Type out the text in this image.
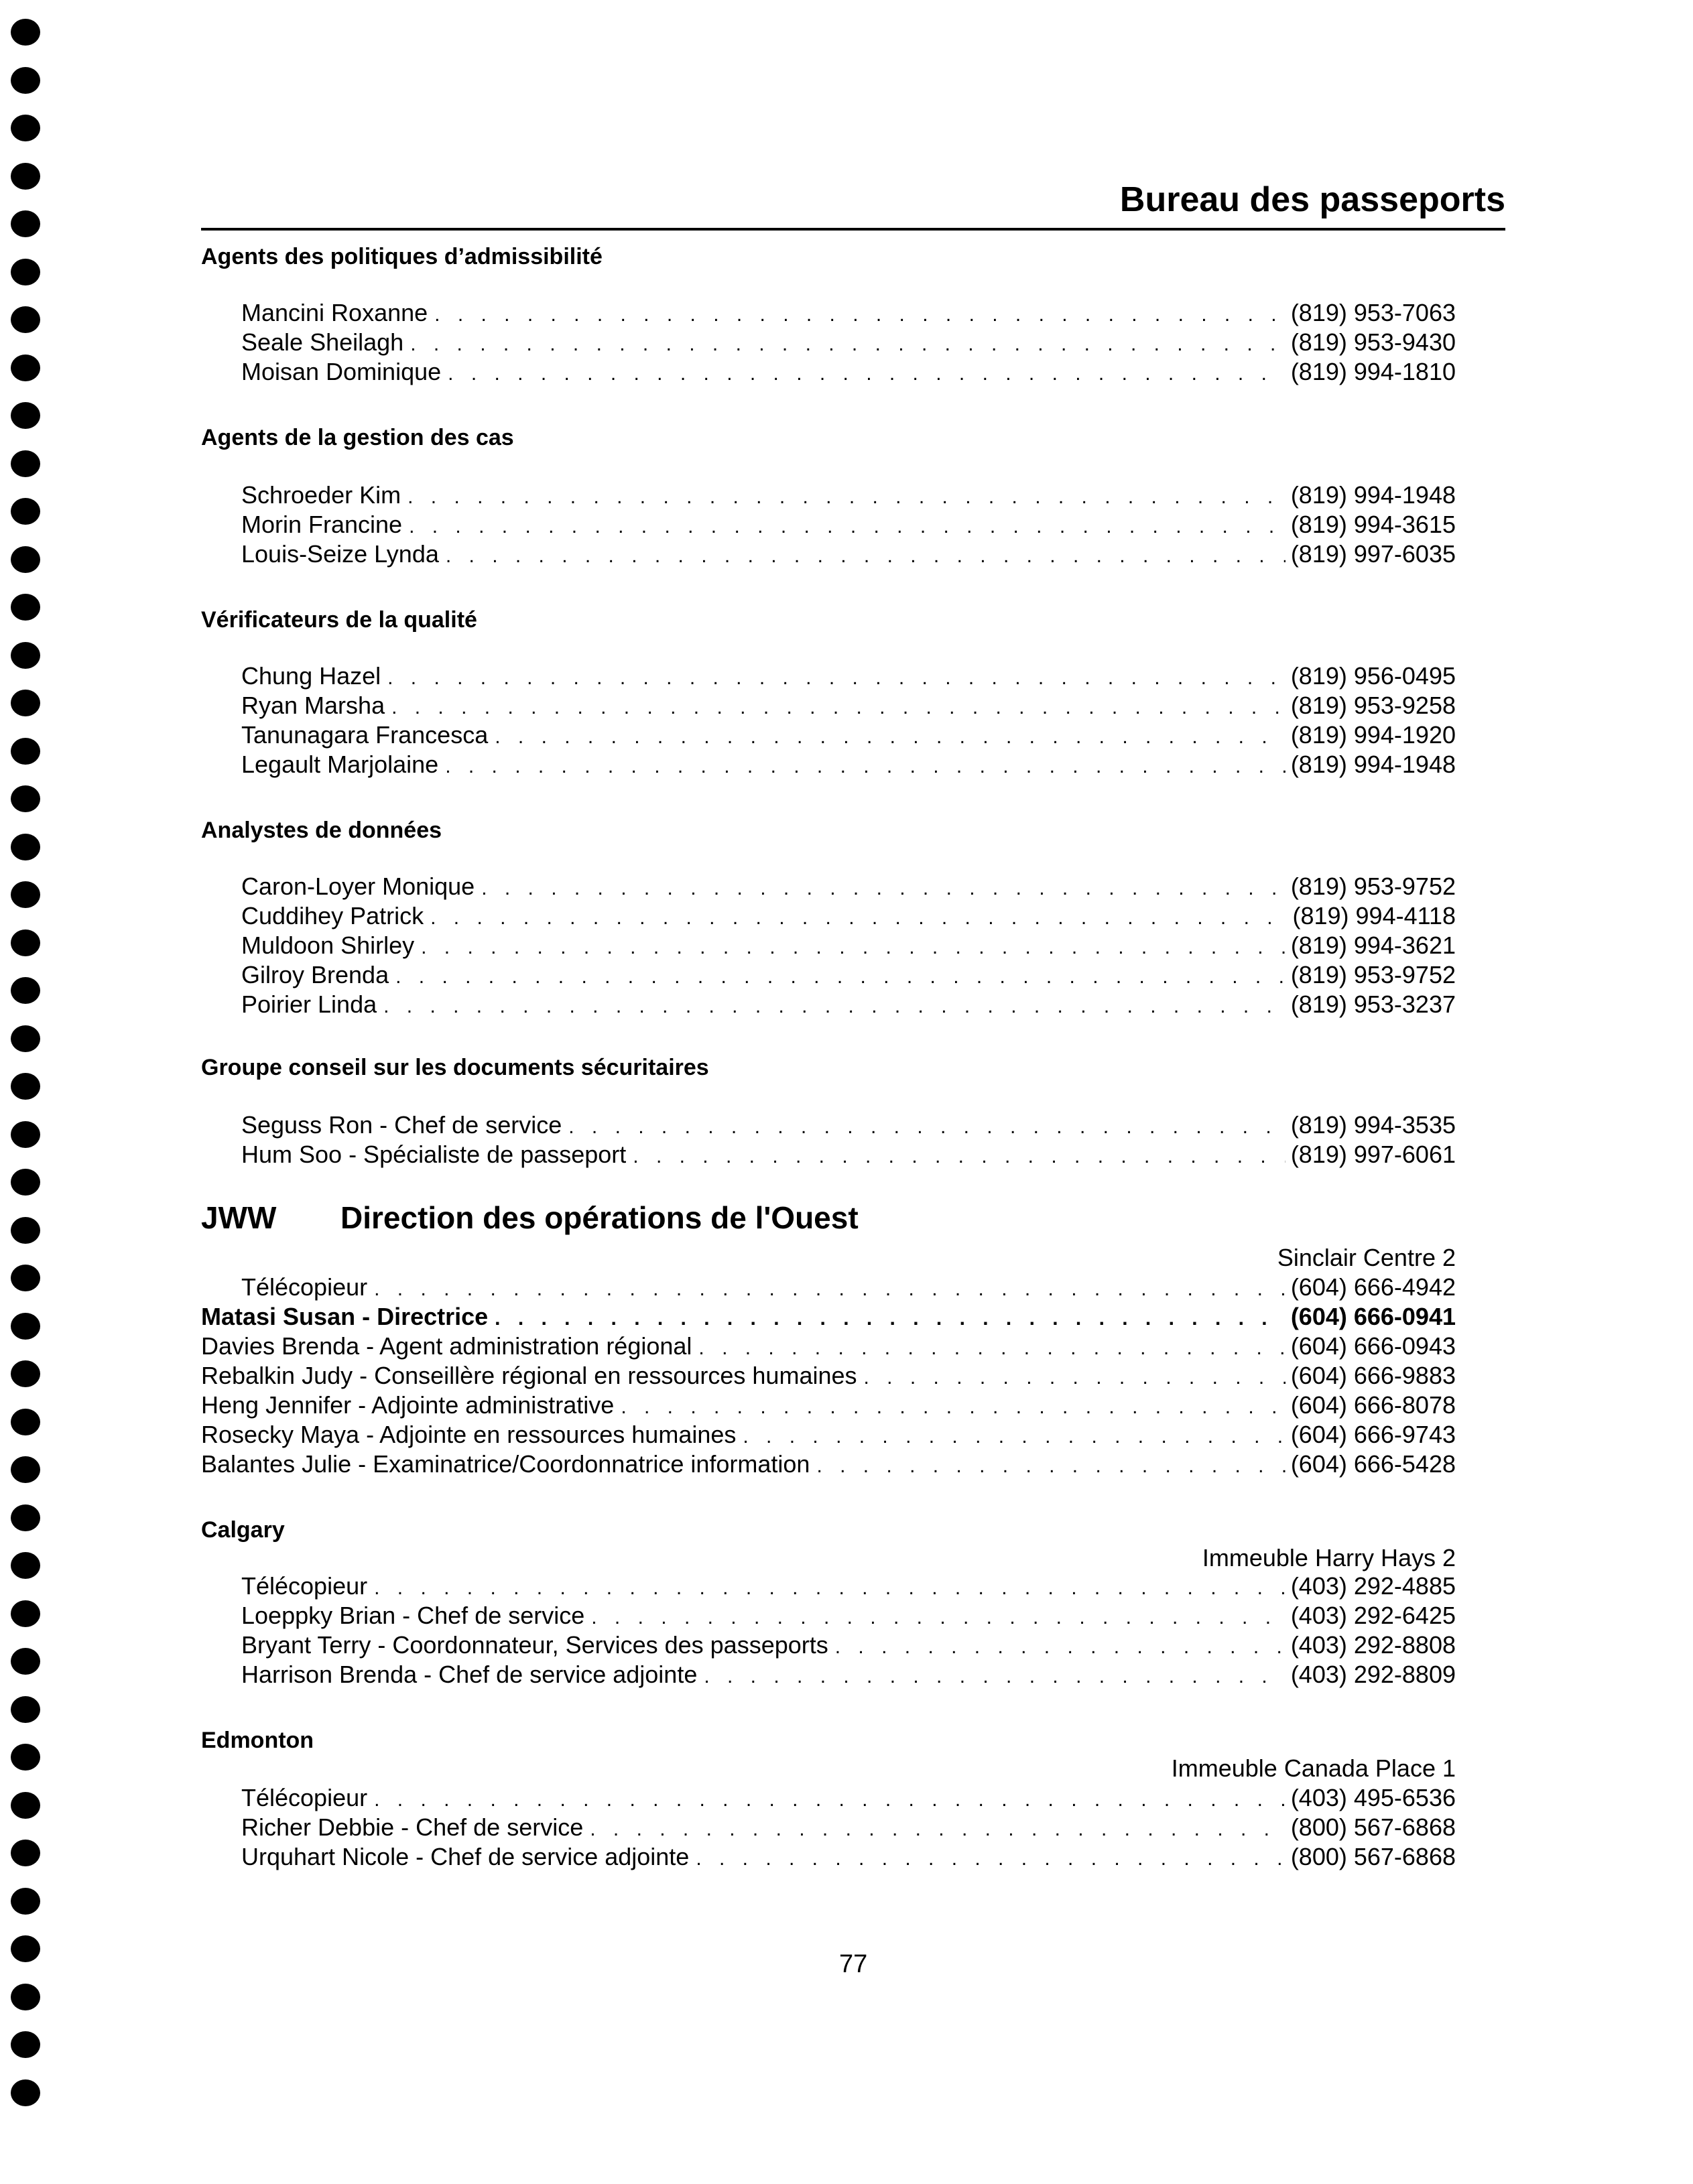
Bureau des passeports
Agents des politiques d’admissibilité
Mancini Roxanne . . .	(819) 953-7063
Seale Sheilagh . . .	(819) 953-9430
Moisan Dominique . . .	(819) 994-1810
Agents de la gestion des cas
Schroeder Kim . . .	(819) 994-1948
Morin Francine . . .	(819) 994-3615
Louis-Seize Lynda . . .	(819) 997-6035
Vérificateurs de la qualité
Chung Hazel . . .	(819) 956-0495
Ryan Marsha . . .	(819) 953-9258
Tanunagara Francesca . . .	(819) 994-1920
Legault Marjolaine . . .	(819) 994-1948
Analystes de données
Caron-Loyer Monique . . .	(819) 953-9752
Cuddihey Patrick . . .	(819) 994-4118
Muldoon Shirley . . .	(819) 994-3621
Gilroy Brenda . . .	(819) 953-9752
Poirier Linda . . .	(819) 953-3237
Groupe conseil sur les documents sécuritaires
Seguss Ron - Chef de service . . .	(819) 994-3535
Hum Soo - Spécialiste de passeport . . .	(819) 997-6061
JWW	Direction des opérations de l'Ouest
Sinclair Centre 2
Télécopieur . . .	(604) 666-4942
Matasi Susan - Directrice . . .	(604) 666-0941
Davies Brenda - Agent administration régional . . .	(604) 666-0943
Rebalkin Judy - Conseillère régional en ressources humaines . . .	(604) 666-9883
Heng Jennifer - Adjointe administrative . . .	(604) 666-8078
Rosecky Maya - Adjointe en ressources humaines . . .	(604) 666-9743
Balantes Julie - Examinatrice/Coordonnatrice information . . .	(604) 666-5428
Calgary
Immeuble Harry Hays 2
Télécopieur . . .	(403) 292-4885
Loeppky Brian - Chef de service . . .	(403) 292-6425
Bryant Terry - Coordonnateur, Services des passeports . . .	(403) 292-8808
Harrison Brenda - Chef de service adjointe . . .	(403) 292-8809
Edmonton
Immeuble Canada Place 1
Télécopieur . . .	(403) 495-6536
Richer Debbie - Chef de service . . .	(800) 567-6868
Urquhart Nicole - Chef de service adjointe . . .	(800) 567-6868
77
